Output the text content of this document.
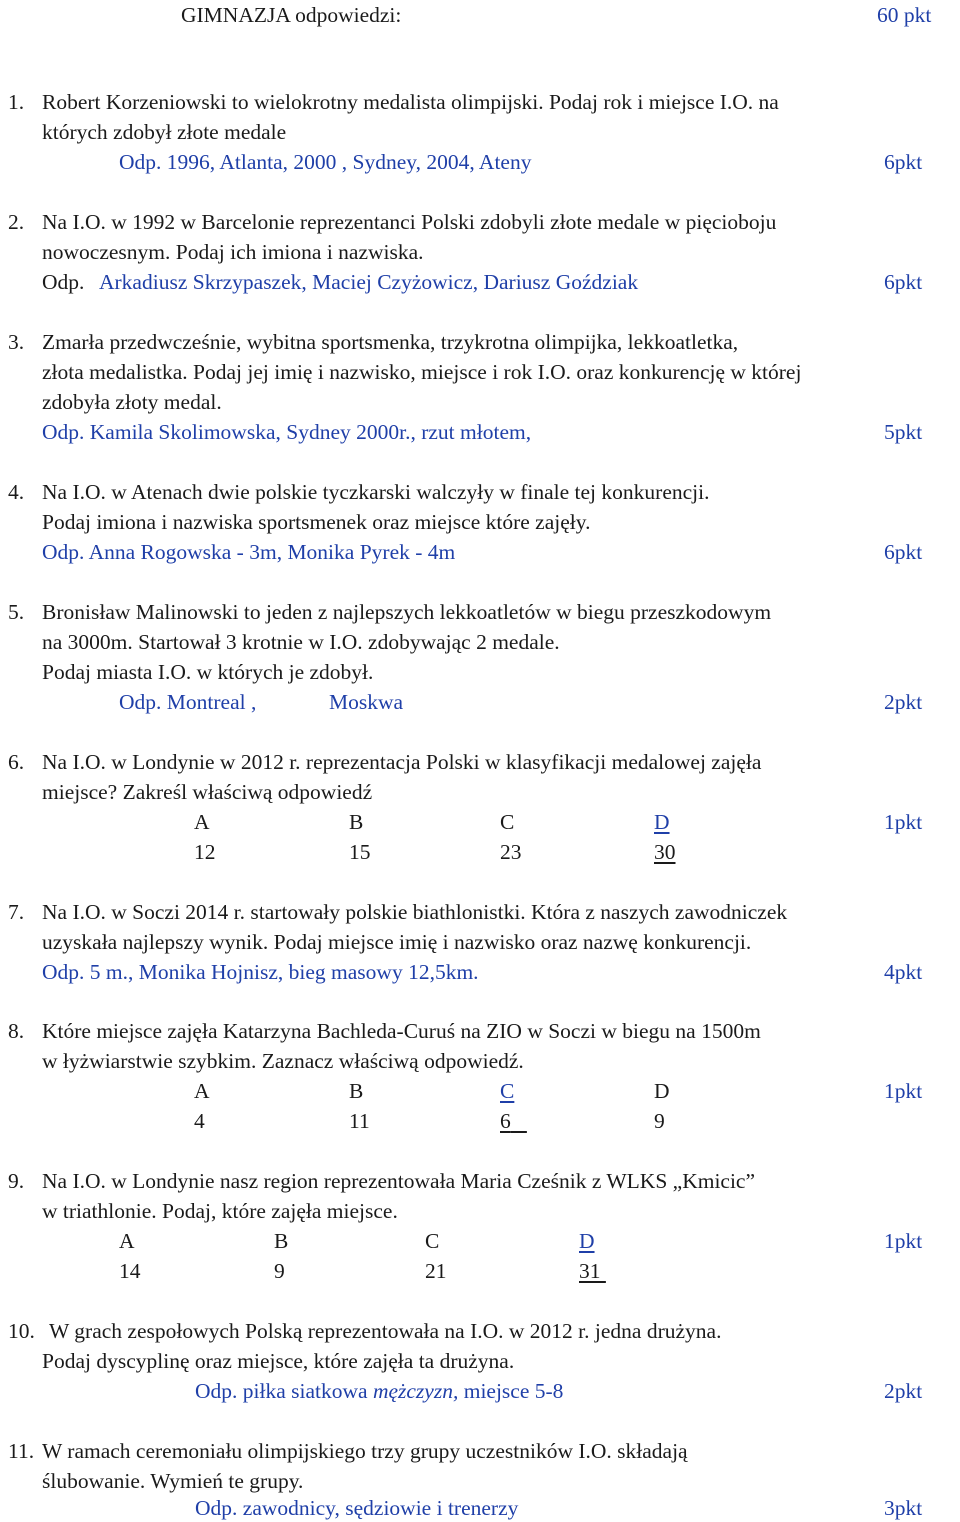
GIMNAZJA odpowiedzi:	60 pkt
1. Robert Korzeniowski to wielokrotny medalista olimpijski. Podaj rok i miejsce I.O. na
których zdobył złote medale
Odp. 1996, Atlanta, 2000 , Sydney, 2004, Ateny	6pkt
2. Na I.O. w 1992 w Barcelonie reprezentanci Polski zdobyli złote medale w pięcioboju
nowoczesnym. Podaj ich imiona i nazwiska.
Odp. Arkadiusz Skrzypaszek, Maciej Czyżowicz, Dariusz Goździak	6pkt
3. Zmarła przedwcześnie, wybitna sportsmenka, trzykrotna olimpijka, lekkoatletka,
złota medalistka. Podaj jej imię i nazwisko, miejsce i rok I.O. oraz konkurencję w której
zdobyła złoty medal.
Odp. Kamila Skolimowska, Sydney 2000r., rzut młotem,	5pkt
4. Na I.O. w Atenach dwie polskie tyczkarski walczyły w finale tej konkurencji.
Podaj imiona i nazwiska sportsmenek oraz miejsce które zajęły.
Odp. Anna Rogowska - 3m, Monika Pyrek - 4m	6pkt
5. Bronisław Malinowski to jeden z najlepszych lekkoatletów w biegu przeszkodowym
na 3000m. Startował 3 krotnie w I.O. zdobywając 2 medale.
Podaj miasta I.O. w których je zdobył.
Odp. Montreal ,	Moskwa	2pkt
6. Na I.O. w Londynie w 2012 r. reprezentacja Polski w klasyfikacji medalowej zajęła
miejsce? Zakreśl właściwą odpowiedź
A	B	C	D	1pkt
12	15	23	30
7. Na I.O. w Soczi 2014 r. startowały polskie biathlonistki. Która z naszych zawodniczek
uzyskała najlepszy wynik. Podaj miejsce imię i nazwisko oraz nazwę konkurencji.
Odp. 5 m., Monika Hojnisz, bieg masowy 12,5km.	4pkt
8. Które miejsce zajęła Katarzyna Bachleda-Curuś na ZIO w Soczi w biegu na 1500m
w łyżwiarstwie szybkim. Zaznacz właściwą odpowiedź.
A	B	C	D	1pkt
4	11	6	9
9. Na I.O. w Londynie nasz region reprezentowała Maria Cześnik z WLKS „Kmicic”
w triathlonie. Podaj, które zajęła miejsce.
A	B	C	D	1pkt
14	9	21	31
10. W grach zespołowych Polską reprezentowała na I.O. w 2012 r. jedna drużyna.
Podaj dyscyplinę oraz miejsce, które zajęła ta drużyna.
Odp. piłka siatkowa mężczyzn, miejsce 5-8	2pkt
11. W ramach ceremoniału olimpijskiego trzy grupy uczestników I.O. składają
ślubowanie. Wymień te grupy.
Odp. zawodnicy, sędziowie i trenerzy	3pkt
